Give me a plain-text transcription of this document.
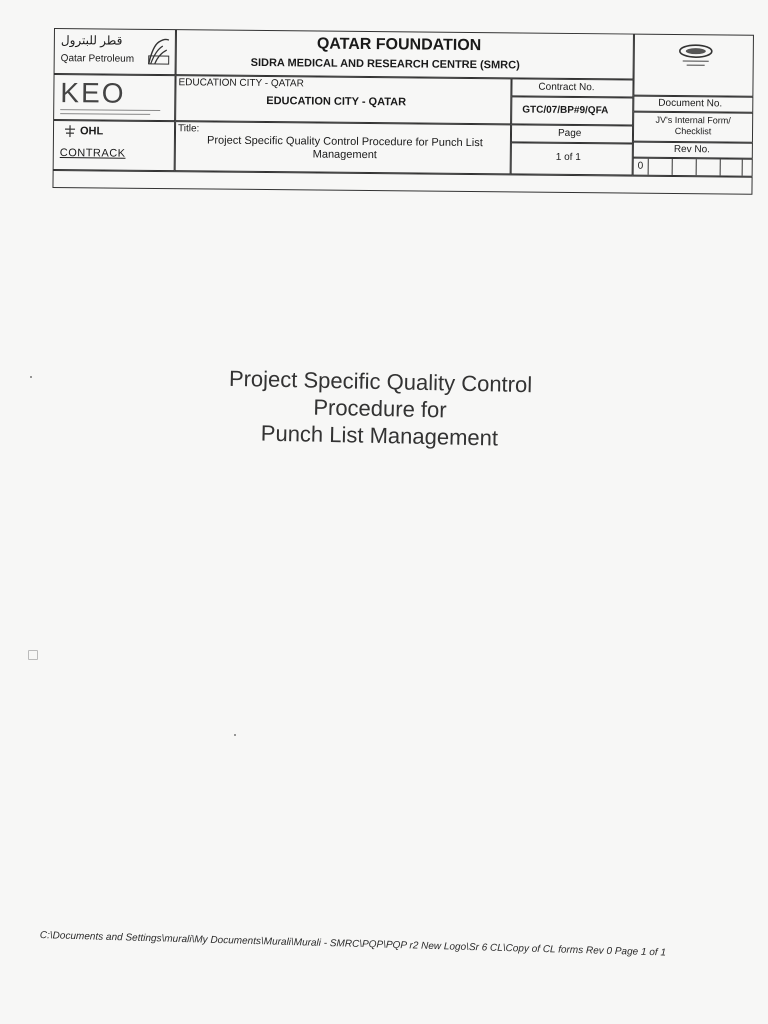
قطر للبترول
Qatar Petroleum
KEO
OHL
CONTRACK
QATAR FOUNDATION
SIDRA MEDICAL AND RESEARCH CENTRE (SMRC)
EDUCATION CITY - QATAR
EDUCATION CITY - QATAR
Contract No.
GTC/07/BP#9/QFA
Document No.
JV's Internal Form/ Checklist
Title:
Project Specific Quality Control Procedure for Punch List Management
Page
1 of 1
Rev No.
0
Project Specific Quality Control
Procedure for
Punch List Management
C:\Documents and Settings\murali\My Documents\Murali\Murali - SMRC\PQP\PQP r2 New Logo\Sr 6 CL\Copy of CL forms Rev 0 Page 1 of 1
